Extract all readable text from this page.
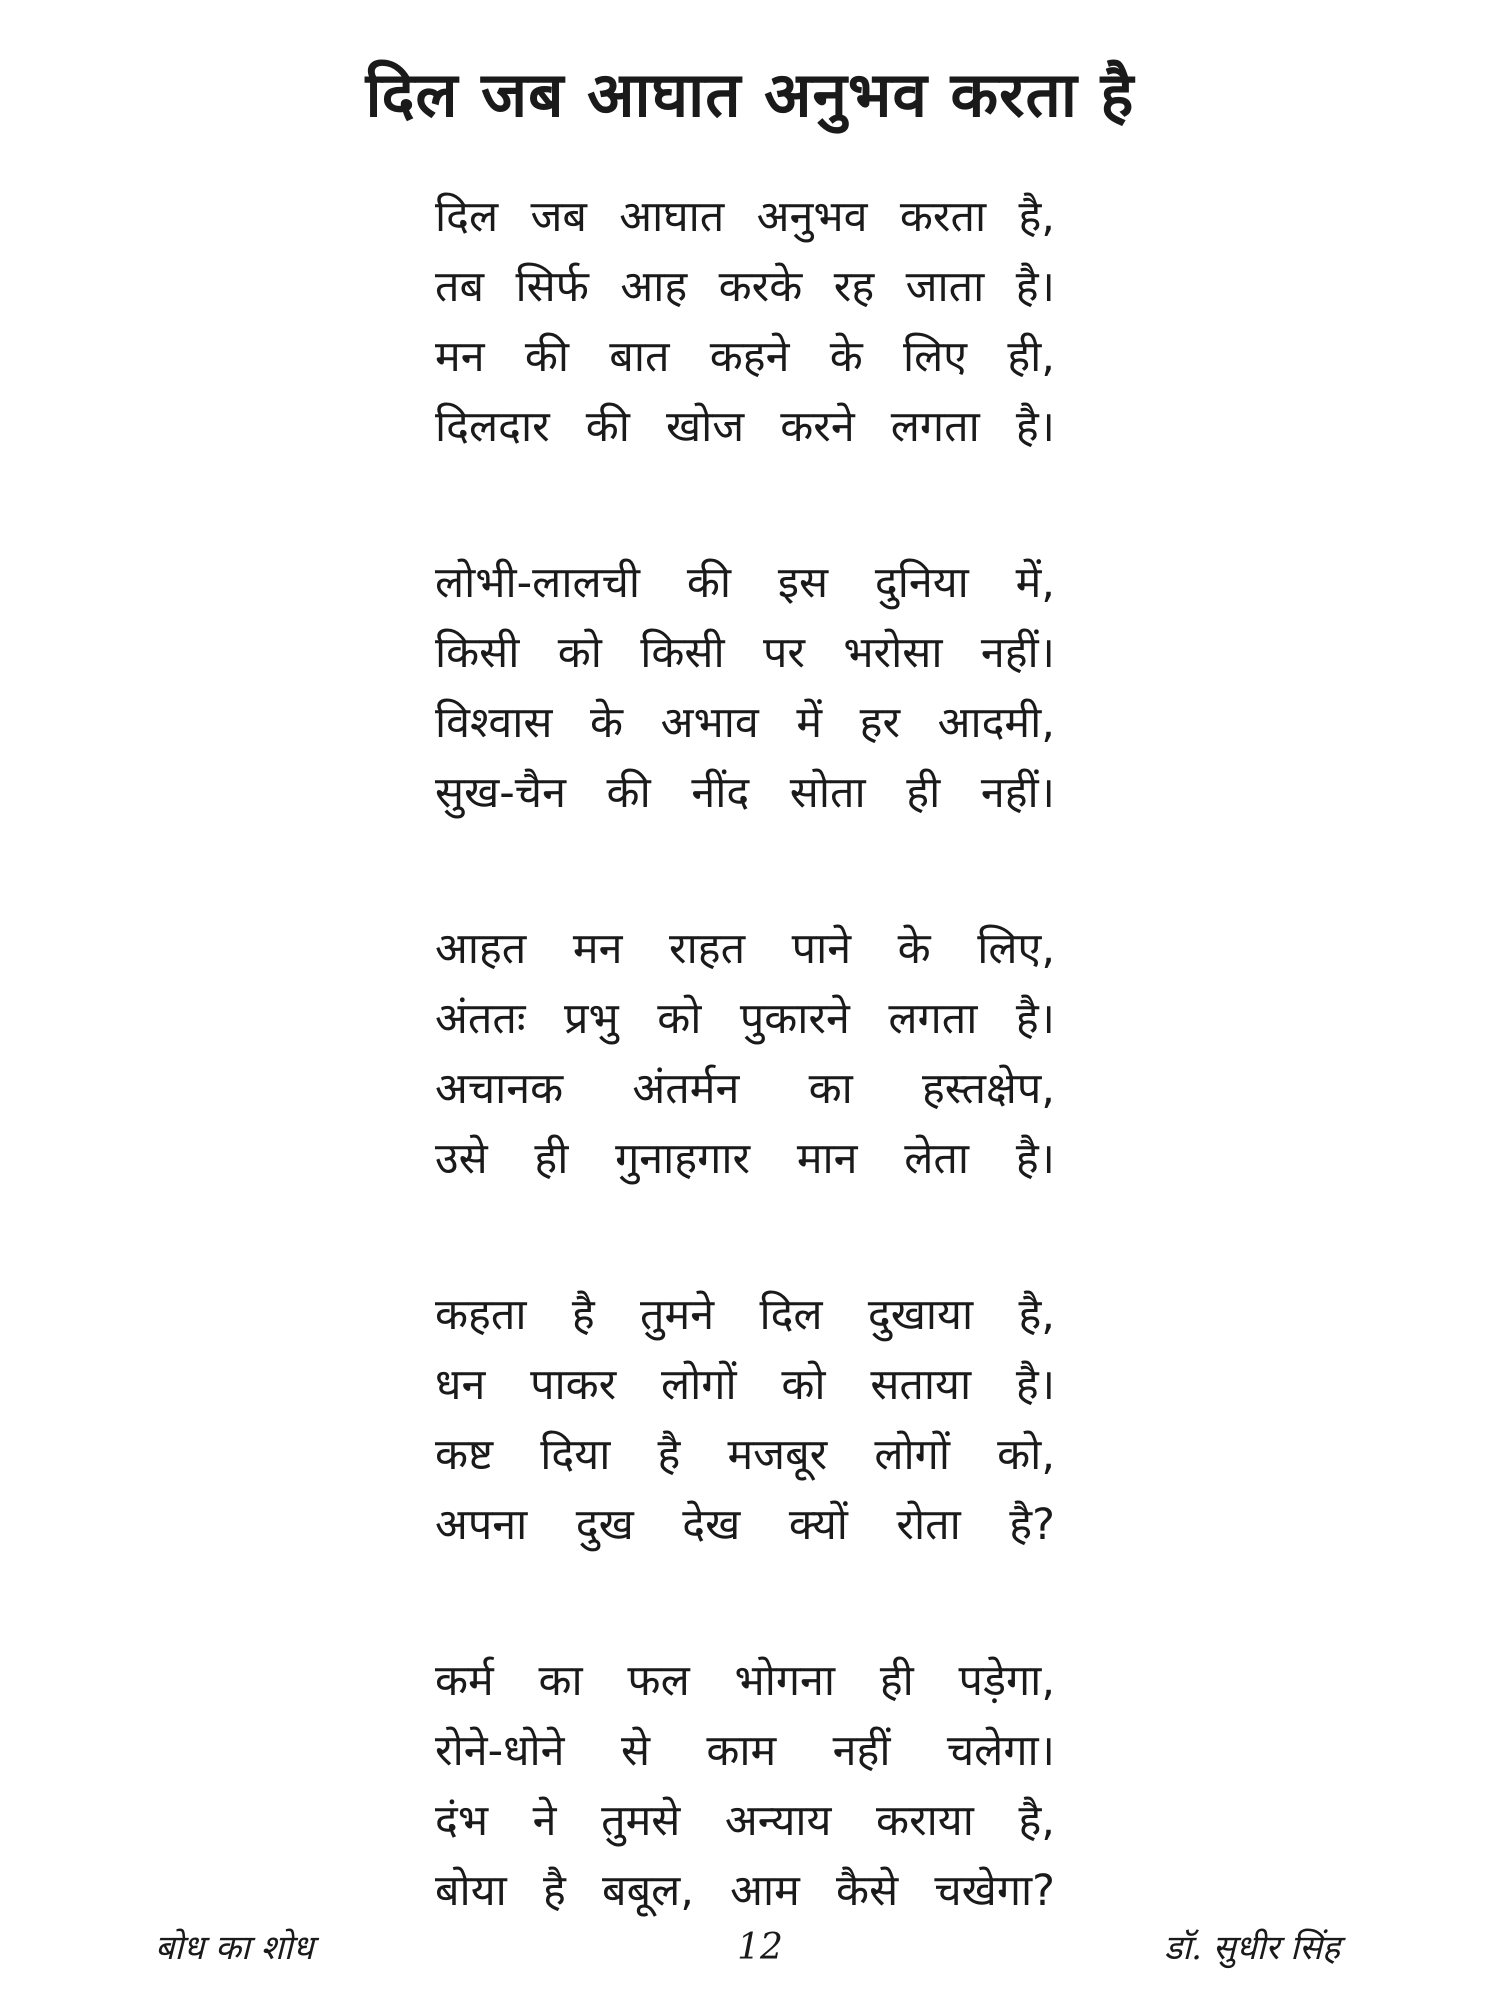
दिल जब आघात अनुभव करता है
दिल जब आघात अनुभव करता है,
तब सिर्फ आह करके रह जाता है।
मन की बात कहने के लिए ही,
दिलदार की खोज करने लगता है।
लोभी-लालची की इस दुनिया में,
किसी को किसी पर भरोसा नहीं।
विश्वास के अभाव में हर आदमी,
सुख-चैन की नींद सोता ही नहीं।
आहत मन राहत पाने के लिए,
अंततः प्रभु को पुकारने लगता है।
अचानक अंतर्मन का हस्तक्षेप,
उसे ही गुनाहगार मान लेता है।
कहता है तुमने दिल दुखाया है,
धन पाकर लोगों को सताया है।
कष्ट दिया है मजबूर लोगों को,
अपना दुख देख क्यों रोता है?
कर्म का फल भोगना ही पड़ेगा,
रोने-धोने से काम नहीं चलेगा।
दंभ ने तुमसे अन्याय कराया है,
बोया है बबूल, आम कैसे चखेगा?
बोध का शोध	12	डॉ. सुधीर सिंह
